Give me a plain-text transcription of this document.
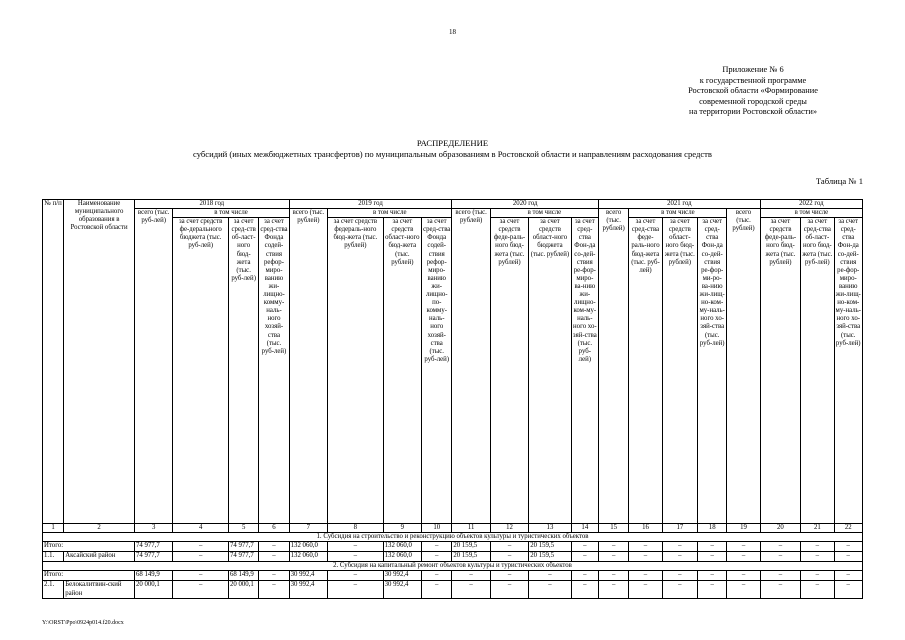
18
Приложение № 6
к государственной программе
Ростовской области «Формирование
современной городской среды
на территории Ростовской области»
РАСПРЕДЕЛЕНИЕ
субсидий (иных межбюджетных трансфертов) по муниципальным образованиям в Ростовской области и направлениям расходования средств
Таблица № 1
№ п/п	Наименование муниципального образования в Ростовской области	2018 год				2019 год				2020 год				2021 год					2022 год		
		всего (тыс. руб-лей)	в том числе			всего (тыс. рублей)	в том числе			всего (тыс. рублей)	в том числе			всего (тыс. рублей)	в том числе			всего (тыс. рублей)	в том числе		
			за счет средств фе-дерального бюджета (тыс. руб-лей)	за счет сред-ств об-ласт-ного бюд-жета (тыс. руб-лей)	за счет сред-ства Фонда содей-ствия рефор-миро-ванию жи-лищно-комму-наль-ного хозяй-ства (тыс. руб-лей)		за счет средств федераль-ного бюд-жета (тыс. рублей)	за счет средств област-ного бюд-жета (тыс. рублей)	за счет сред-ства Фонда содей-ствия рефор-миро-ванию жи-лищно-по-комму-наль-ного хозяй-ства (тыс. руб-лей)		за счет средств феде-раль-ного бюд-жета (тыс. рублей)	за счет средств област-ного бюджета (тыс. рублей)	за счет сред-ства Фон-да со-дей-ствия ре-фор-миро-ва-нию жи-лищно-ком-му-наль-ного хо-зяй-ства (тыс. руб-лей)		за счет сред-ства феде-раль-ного бюд-жета (тыс. руб-лей)	за счет средств област-ного бюд-жета (тыс. рублей)	за счет сред-ства Фон-да со-дей-ствия ре-фор-ми-ро-ва-нию жи-лищ-но-ком-му-наль-ного хо-зяй-ства (тыс. руб-лей)		за счет средств феде-раль-ного бюд-жета (тыс. рублей)	за счет сред-ства об-ласт-ного бюд-жета (тыс. руб-лей)	за счет сред-ства Фон-да со-дей-ствия ре-фор-миро-ванию жи-лищ-но-ком-му-наль-ного хо-зяй-ства (тыс. руб-лей)
1	2	3	4	5	6	7	8	9	10	11	12	13	14	15	16	17	18	19	20	21	22
1. Субсидия на строительство и реконструкцию объектов культуры и туристических объектов																					
Итого:		74 977,7	–	74 977,7	–	132 060,0	–	132 060,0	–	20 159,5	–	20 159,5	–	–	–	–	–	–	–	–	–
1.1.	Аксайский район	74 977,7	–	74 977,7	–	132 060,0	–	132 060,0	–	20 159,5	–	20 159,5	–	–	–	–	–	–	–	–	–
2. Субсидия на капитальный ремонт объектов культуры и туристических объектов																					
Итого:		68 149,9	–	68 149,9	–	30 992,4	–	30 992,4	–	–	–	–	–	–	–	–	–	–	–	–	–
2.1.	Белокалитвин-ский район	20 000,1	–	20 000,1	–	30 992,4	–	30 992,4	–	–	–	–	–	–	–	–	–	–	–	–	–
Y:\ORST\Ppo\0924p014.f20.docx
